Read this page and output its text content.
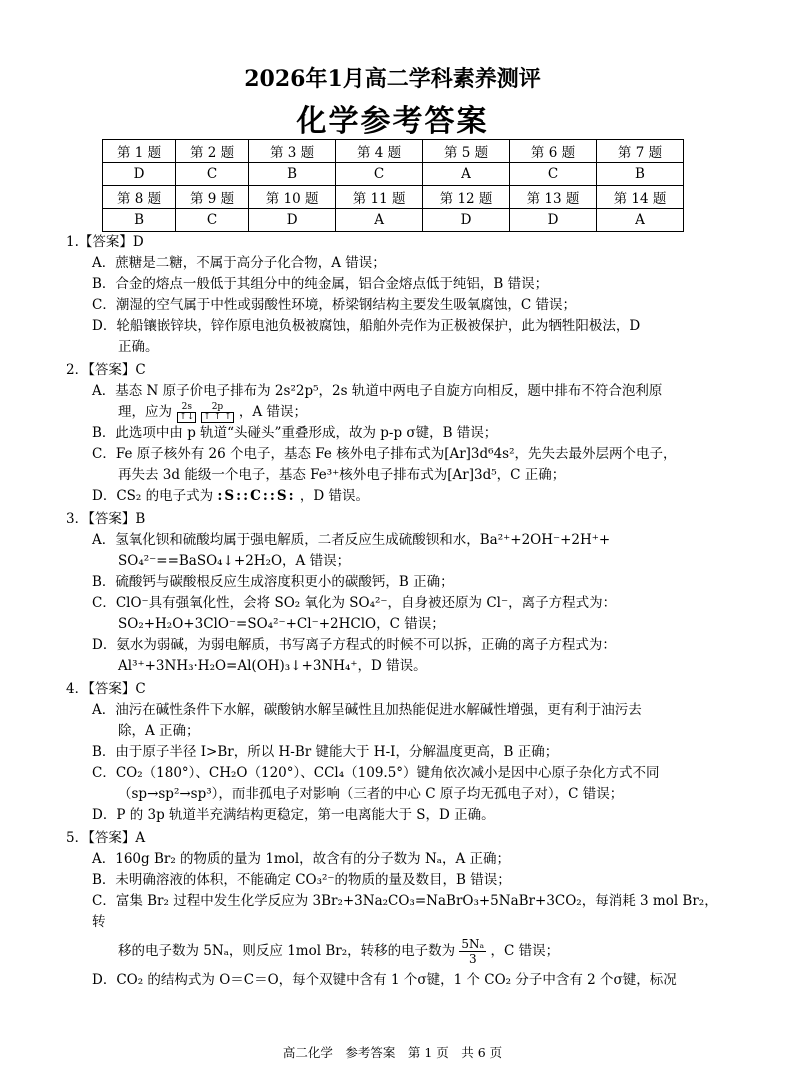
2026年1月高二学科素养测评
化学参考答案
第 1 题	第 2 题	第 3 题	第 4 题	第 5 题	第 6 题	第 7 题
D	C	B	C	A	C	B
第 8 题	第 9 题	第 10 题	第 11 题	第 12 题	第 13 题	第 14 题
B	C	D	A	D	D	A
1.【答案】D
A．蔗糖是二糖，不属于高分子化合物，A 错误；
B．合金的熔点一般低于其组分中的纯金属，铝合金熔点低于纯铝，B 错误；
C．潮湿的空气属于中性或弱酸性环境，桥梁钢结构主要发生吸氧腐蚀，C 错误；
D．轮船镶嵌锌块，锌作原电池负极被腐蚀，船舶外壳作为正极被保护，此为牺牲阳极法，D
正确。
2．【答案】C
A．基态 N 原子价电子排布为 2s²2p⁵，2s 轨道中两电子自旋方向相反，题中排布不符合泡利原
理，应为	2s
↑↓
2p
↑ ↑ ↑ ，A 错误；
B．此选项中由 p 轨道“头碰头”重叠形成，故为 p-p σ键，B 错误；
C．Fe 原子核外有 26 个电子，基态 Fe 核外电子排布式为[Ar]3d⁶4s²，先失去最外层两个电子，
再失去 3d 能级一个电子，基态 Fe³⁺核外电子排布式为[Ar]3d⁵，C 正确；
D．CS₂ 的电子式为 :S::C::S: ，D 错误。
3．【答案】B
A．氢氧化钡和硫酸均属于强电解质，二者反应生成硫酸钡和水，Ba²⁺+2OH⁻+2H⁺+
SO₄²⁻==BaSO₄↓+2H₂O，A 错误；
B．硫酸钙与碳酸根反应生成溶度积更小的碳酸钙，B 正确；
C．ClO⁻具有强氧化性，会将 SO₂ 氧化为 SO₄²⁻，自身被还原为 Cl⁻，离子方程式为：
SO₂+H₂O+3ClO⁻=SO₄²⁻+Cl⁻+2HClO，C 错误；
D．氨水为弱碱，为弱电解质，书写离子方程式的时候不可以拆，正确的离子方程式为：
Al³⁺+3NH₃·H₂O=Al(OH)₃↓+3NH₄⁺，D 错误。
4．【答案】C
A．油污在碱性条件下水解，碳酸钠水解呈碱性且加热能促进水解碱性增强，更有利于油污去
除，A 正确；
B．由于原子半径 I>Br，所以 H-Br 键能大于 H-I，分解温度更高，B 正确；
C．CO₂（180°）、CH₂O（120°）、CCl₄（109.5°）键角依次减小是因中心原子杂化方式不同
（sp→sp²→sp³），而非孤电子对影响（三者的中心 C 原子均无孤电子对），C 错误；
D．P 的 3p 轨道半充满结构更稳定，第一电离能大于 S，D 正确。
5．【答案】A
A．160g Br₂ 的物质的量为 1mol，故含有的分子数为 Nₐ，A 正确；
B．未明确溶液的体积，不能确定 CO₃²⁻的物质的量及数目，B 错误；
C．富集 Br₂ 过程中发生化学反应为 3Br₂+3Na₂CO₃=NaBrO₃+5NaBr+3CO₂，每消耗 3 mol Br₂，转
移的电子数为 5Nₐ，则反应 1mol Br₂，转移的电子数为 $\frac{\text{5Nₐ}}{3}$ ，C 错误；
D．CO₂ 的结构式为 O＝C＝O，每个双键中含有 1 个σ键，1 个 CO₂ 分子中含有 2 个σ键，标况
高二化学　参考答案　第 1 页　共 6 页
